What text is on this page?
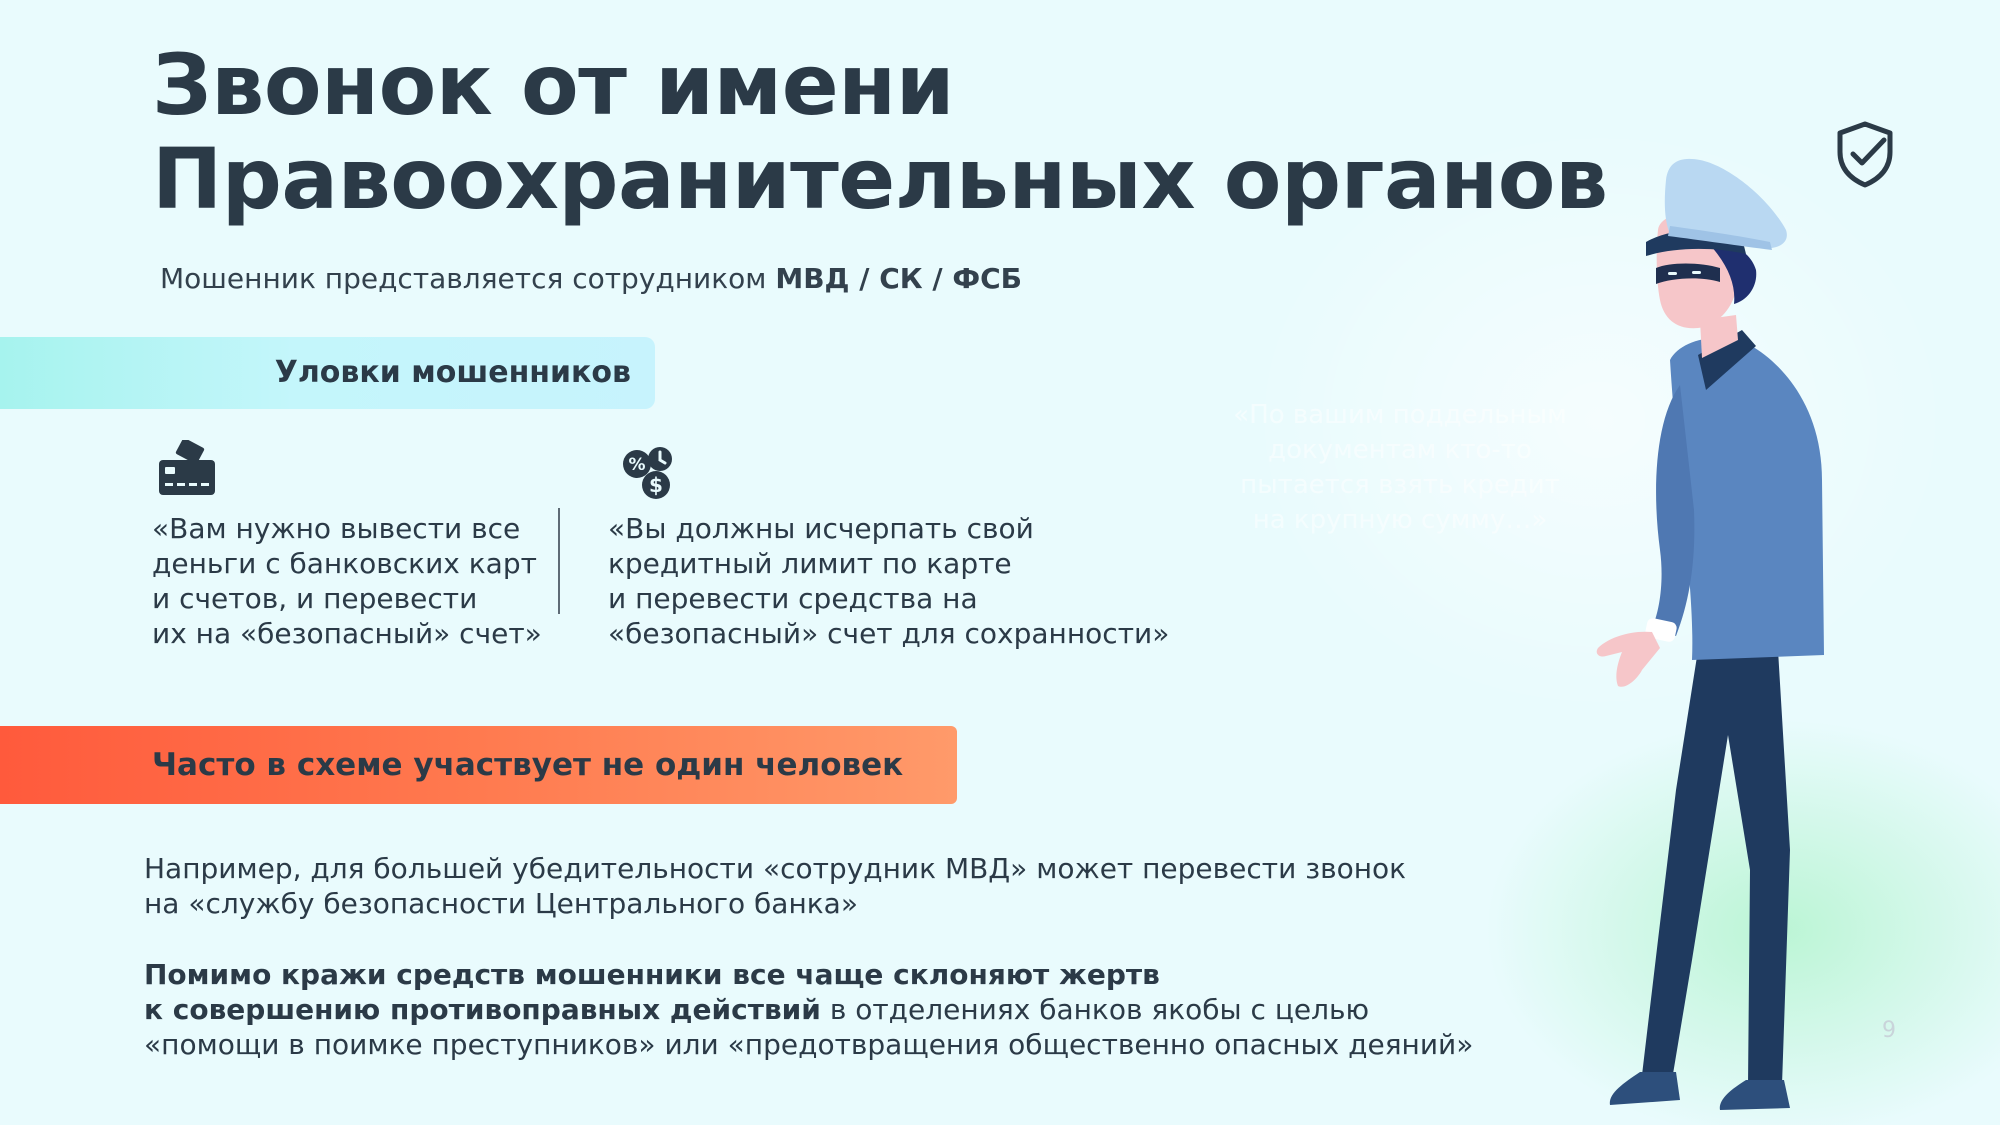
Звонок от имени
Правоохранительных органов
Мошенник представляется сотрудником МВД / СК / ФСБ
Уловки мошенников
%
$
«Вам нужно вывести все
деньги с банковских карт
и счетов, и перевести
их на «безопасный» счет»
«Вы должны исчерпать свой
кредитный лимит по карте
и перевести средства на
«безопасный» счет для сохранности»
Часто в схеме участвует не один человек
Например, для большей убедительности «сотрудник МВД» может перевести звонок
на «службу безопасности Центрального банка»
Помимо кражи средств мошенники все чаще склоняют жертв
к совершению противоправных действий в отделениях банков якобы с целью
«помощи в поимке преступников» или «предотвращения общественно опасных деяний»
«По вашим поддельным
документам кто-то
пытается взять кредит
на крупную сумму…»
9
